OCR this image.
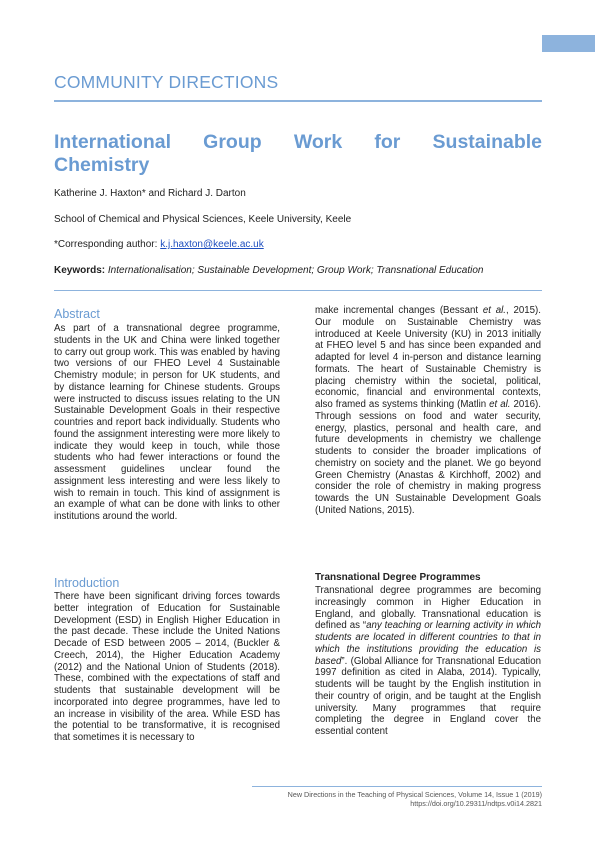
COMMUNITY DIRECTIONS
International Group Work for Sustainable
Chemistry
Katherine J. Haxton* and Richard J. Darton
School of Chemical and Physical Sciences, Keele University, Keele
*Corresponding author: k.j.haxton@keele.ac.uk
Keywords: Internationalisation; Sustainable Development; Group Work; Transnational Education
Abstract

As part of a transnational degree programme, students in the UK and China were linked together to carry out group work. This was enabled by having two versions of our FHEO Level 4 Sustainable Chemistry module; in person for UK students, and by distance learning for Chinese students. Groups were instructed to discuss issues relating to the UN Sustainable Development Goals in their respective countries and report back individually. Students who found the assignment interesting were more likely to indicate they would keep in touch, while those students who had fewer interactions or found the assessment guidelines unclear found the assignment less interesting and were less likely to wish to remain in touch. This kind of assignment is an example of what can be done with links to other institutions around the world.

Introduction

There have been significant driving forces towards better integration of Education for Sustainable Development (ESD) in English Higher Education in the past decade. These include the United Nations Decade of ESD between 2005 – 2014, (Buckler & Creech, 2014), the Higher Education Academy (2012) and the National Union of Students (2018). These, combined with the expectations of staff and students that sustainable development will be incorporated into degree programmes, have led to an increase in visibility of the area. While ESD has the potential to be transformative, it is recognised that sometimes it is necessary to

make incremental changes (Bessant et al., 2015). Our module on Sustainable Chemistry was introduced at Keele University (KU) in 2013 initially at FHEO level 5 and has since been expanded and adapted for level 4 in-person and distance learning formats. The heart of Sustainable Chemistry is placing chemistry within the societal, political, economic, financial and environmental contexts, also framed as systems thinking (Matlin et al. 2016). Through sessions on food and water security, energy, plastics, personal and health care, and future developments in chemistry we challenge students to consider the broader implications of chemistry on society and the planet. We go beyond Green Chemistry (Anastas & Kirchhoff, 2002) and consider the role of chemistry in making progress towards the UN Sustainable Development Goals (United Nations, 2015).

Transnational Degree Programmes

Transnational degree programmes are becoming increasingly common in Higher Education in England, and globally. Transnational education is defined as “any teaching or learning activity in which students are located in different countries to that in which the institutions providing the education is based”. (Global Alliance for Transnational Education 1997 definition as cited in Alaba, 2014). Typically, students will be taught by the English institution in their country of origin, and be taught at the English university. Many programmes that require completing the degree in England cover the essential content

New Directions in the Teaching of Physical Sciences, Volume 14, Issue 1 (2019)
https://doi.org/10.29311/ndtps.v0i14.2821
